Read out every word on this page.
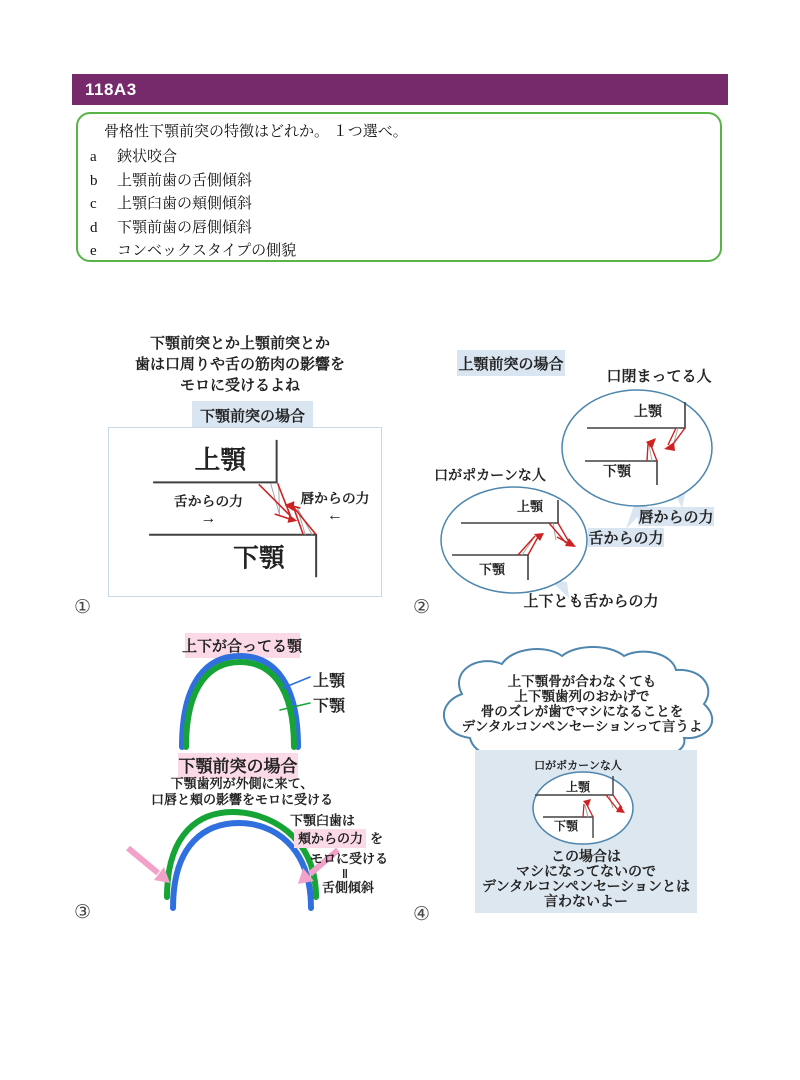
118A3
骨格性下顎前突の特徴はどれか。 １つ選べ。
a	鋏状咬合
b	上顎前歯の舌側傾斜
c	上顎臼歯の頬側傾斜
d	下顎前歯の唇側傾斜
e	コンベックスタイプの側貌
下顎前突とか上顎前突とか
歯は口周りや舌の筋肉の影響を
モロに受けるよね
下顎前突の場合
上顎
舌からの力
→
唇からの力
←
下顎
①
上顎前突の場合
口閉まってる人
唇からの力
舌からの力
上顎
下顎
口がポカーンな人
上顎
下顎
上下とも舌からの力
②
上下が合ってる顎
上顎
下顎
下顎前突の場合
下顎歯列が外側に来て、
口唇と頬の影響をモロに受ける
下顎臼歯は
頬からの力 を
モロに受ける
‖
舌側傾斜
③
上下顎骨が合わなくても
上下顎歯列のおかげで
骨のズレが歯でマシになることを
デンタルコンペンセーションって言うよ
口がポカーンな人
上顎
下顎
この場合は
マシになってないので
デンタルコンペンセーションとは
言わないよー
④
